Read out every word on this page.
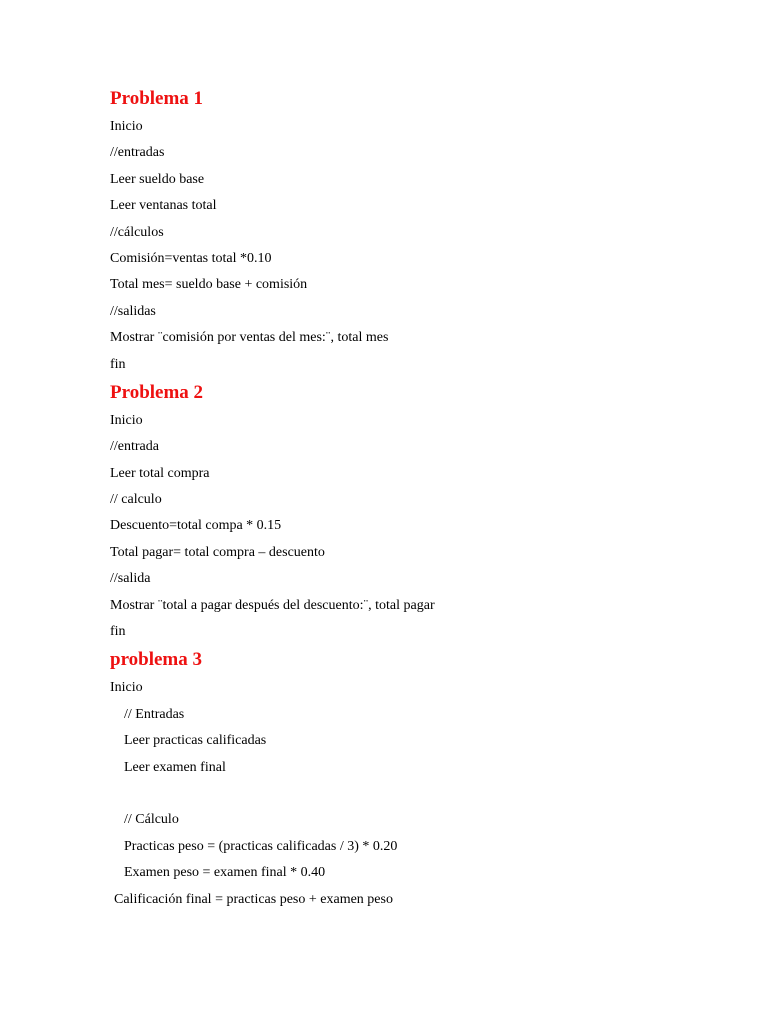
Problema 1
Inicio
//entradas
Leer sueldo base
Leer ventanas total
//cálculos
Comisión=ventas total *0.10
Total mes= sueldo base + comisión
//salidas
Mostrar ¨comisión por ventas del mes:¨, total mes
fin
Problema 2
Inicio
//entrada
Leer total compra
// calculo
Descuento=total compa * 0.15
Total pagar= total compra – descuento
//salida
Mostrar ¨total a pagar después del descuento:¨, total pagar
fin
problema 3
Inicio
// Entradas
Leer practicas calificadas
Leer examen final
// Cálculo
Practicas peso = (practicas calificadas / 3) * 0.20
Examen peso = examen final * 0.40
Calificación final = practicas peso + examen peso
